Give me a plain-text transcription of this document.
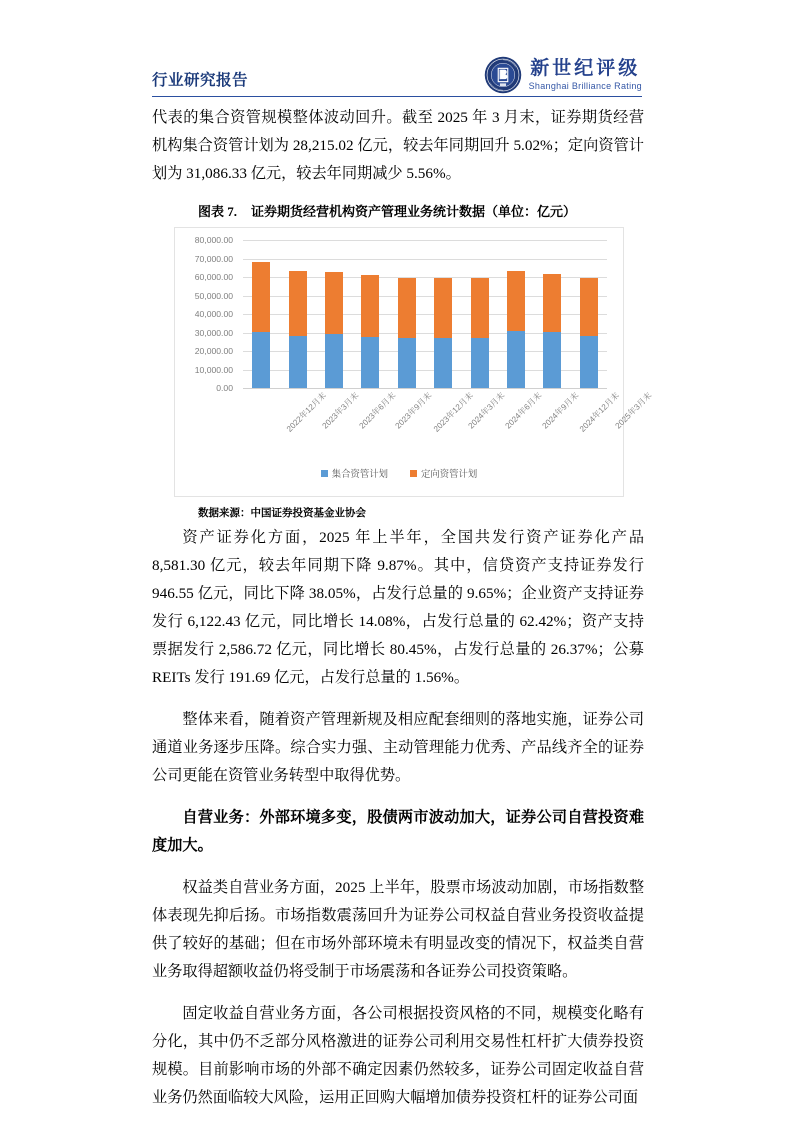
行业研究报告
新世纪评级
Shanghai Brilliance Rating

代表的集合资管规模整体波动回升。截至 2025 年 3 月末，证券期货经营机构集合资管计划为 28,215.02 亿元，较去年同期回升 5.02%；定向资管计划为 31,086.33 亿元，较去年同期减少 5.56%。

图表 7. 证券期货经营机构资产管理业务统计数据（单位：亿元）
0.00
10,000.00
20,000.00
30,000.00
40,000.00
50,000.00
60,000.00
70,000.00
80,000.00
2022年12月末
2023年3月末
2023年6月末
2023年9月末
2023年12月末
2024年3月末
2024年6月末
2024年9月末
2024年12月末
2025年3月末
集合资管计划	定向资管计划
数据来源：中国证券投资基金业协会

资产证券化方面，2025 年上半年，全国共发行资产证券化产品 8,581.30 亿元，较去年同期下降 9.87%。其中，信贷资产支持证券发行 946.55 亿元，同比下降 38.05%，占发行总量的 9.65%；企业资产支持证券发行 6,122.43 亿元，同比增长 14.08%，占发行总量的 62.42%；资产支持票据发行 2,586.72 亿元，同比增长 80.45%，占发行总量的 26.37%；公募 REITs 发行 191.69 亿元，占发行总量的 1.56%。

整体来看，随着资产管理新规及相应配套细则的落地实施，证券公司通道业务逐步压降。综合实力强、主动管理能力优秀、产品线齐全的证券公司更能在资管业务转型中取得优势。

自营业务：外部环境多变，股债两市波动加大，证券公司自营投资难度加大。

权益类自营业务方面，2025 上半年，股票市场波动加剧，市场指数整体表现先抑后扬。市场指数震荡回升为证券公司权益自营业务投资收益提供了较好的基础；但在市场外部环境未有明显改变的情况下，权益类自营业务取得超额收益仍将受制于市场震荡和各证券公司投资策略。

固定收益自营业务方面，各公司根据投资风格的不同，规模变化略有分化，其中仍不乏部分风格激进的证券公司利用交易性杠杆扩大债券投资规模。目前影响市场的外部不确定因素仍然较多，证券公司固定收益自营业务仍然面临较大风险，运用正回购大幅增加债券投资杠杆的证券公司面
